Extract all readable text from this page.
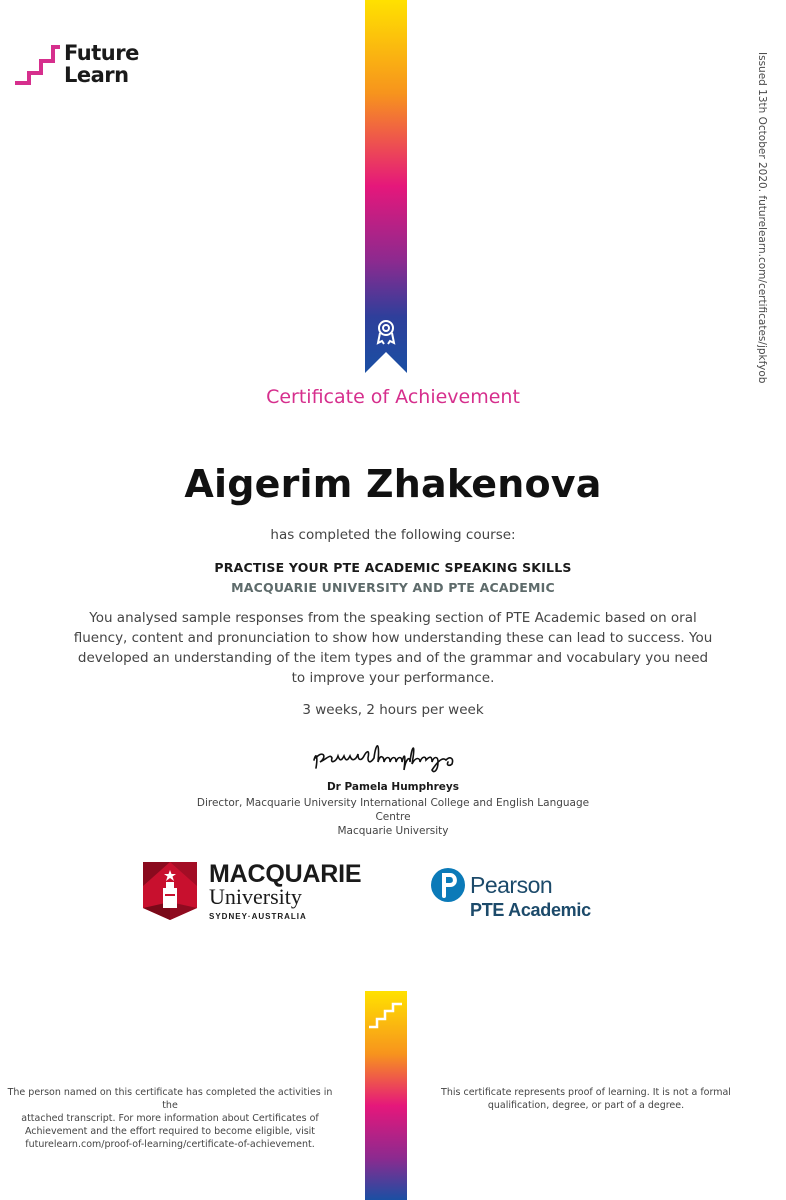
Future
Learn	Issued 13th October 2020. futurelearn.com/certificates/jpkfyob
Certificate of Achievement
Aigerim Zhakenova
has completed the following course:
PRACTISE YOUR PTE ACADEMIC SPEAKING SKILLS
MACQUARIE UNIVERSITY AND PTE ACADEMIC
You analysed sample responses from the speaking section of PTE Academic based on oral fluency, content and pronunciation to show how understanding these can lead to success. You developed an understanding of the item types and of the grammar and vocabulary you need to improve your performance.
3 weeks, 2 hours per week
Dr Pamela Humphreys
Director, Macquarie University International College and English Language
Centre
Macquarie University
MACQUARIE
University
SYDNEY·AUSTRALIA
Pearson
PTE Academic
The person named on this certificate has completed the activities in the
attached transcript. For more information about Certificates of
Achievement and the effort required to become eligible, visit
futurelearn.com/proof-of-learning/certificate-of-achievement.
This certificate represents proof of learning. It is not a formal
qualification, degree, or part of a degree.
